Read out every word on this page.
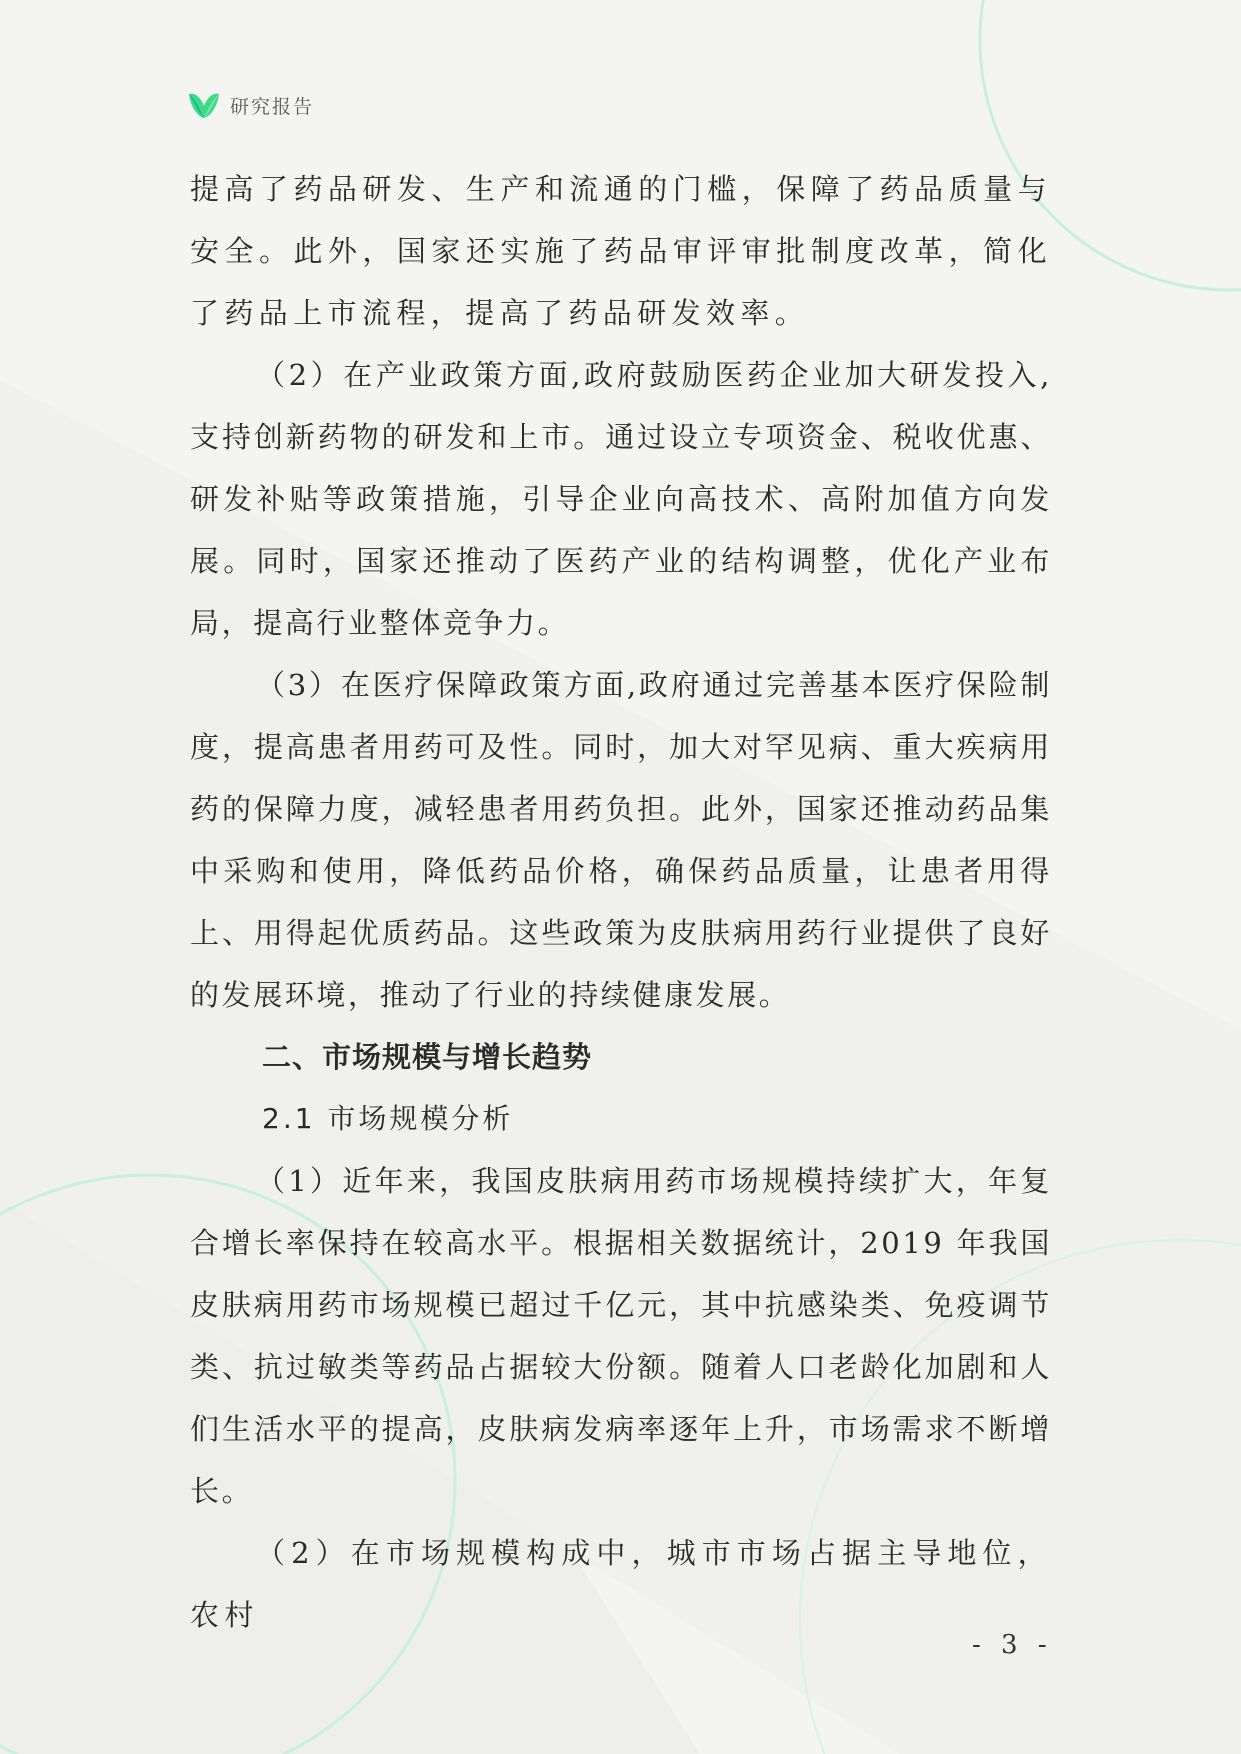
研究报告

提高了药品研发、生产和流通的门槛，保障了药品质量与安全。此外，国家还实施了药品审评审批制度改革，简化了药品上市流程，提高了药品研发效率。

（2）在产业政策方面,政府鼓励医药企业加大研发投入,支持创新药物的研发和上市。通过设立专项资金、税收优惠、研发补贴等政策措施，引导企业向高技术、高附加值方向发展。同时，国家还推动了医药产业的结构调整，优化产业布局，提高行业整体竞争力。

（3）在医疗保障政策方面,政府通过完善基本医疗保险制度，提高患者用药可及性。同时，加大对罕见病、重大疾病用药的保障力度，减轻患者用药负担。此外，国家还推动药品集中采购和使用，降低药品价格，确保药品质量，让患者用得上、用得起优质药品。这些政策为皮肤病用药行业提供了良好的发展环境，推动了行业的持续健康发展。

二、市场规模与增长趋势
2.1 市场规模分析

（1）近年来，我国皮肤病用药市场规模持续扩大，年复合增长率保持在较高水平。根据相关数据统计，2019 年我国皮肤病用药市场规模已超过千亿元，其中抗感染类、免疫调节类、抗过敏类等药品占据较大份额。随着人口老龄化加剧和人们生活水平的提高，皮肤病发病率逐年上升，市场需求不断增长。

（2）在市场规模构成中，城市市场占据主导地位，农村

- 3 -
